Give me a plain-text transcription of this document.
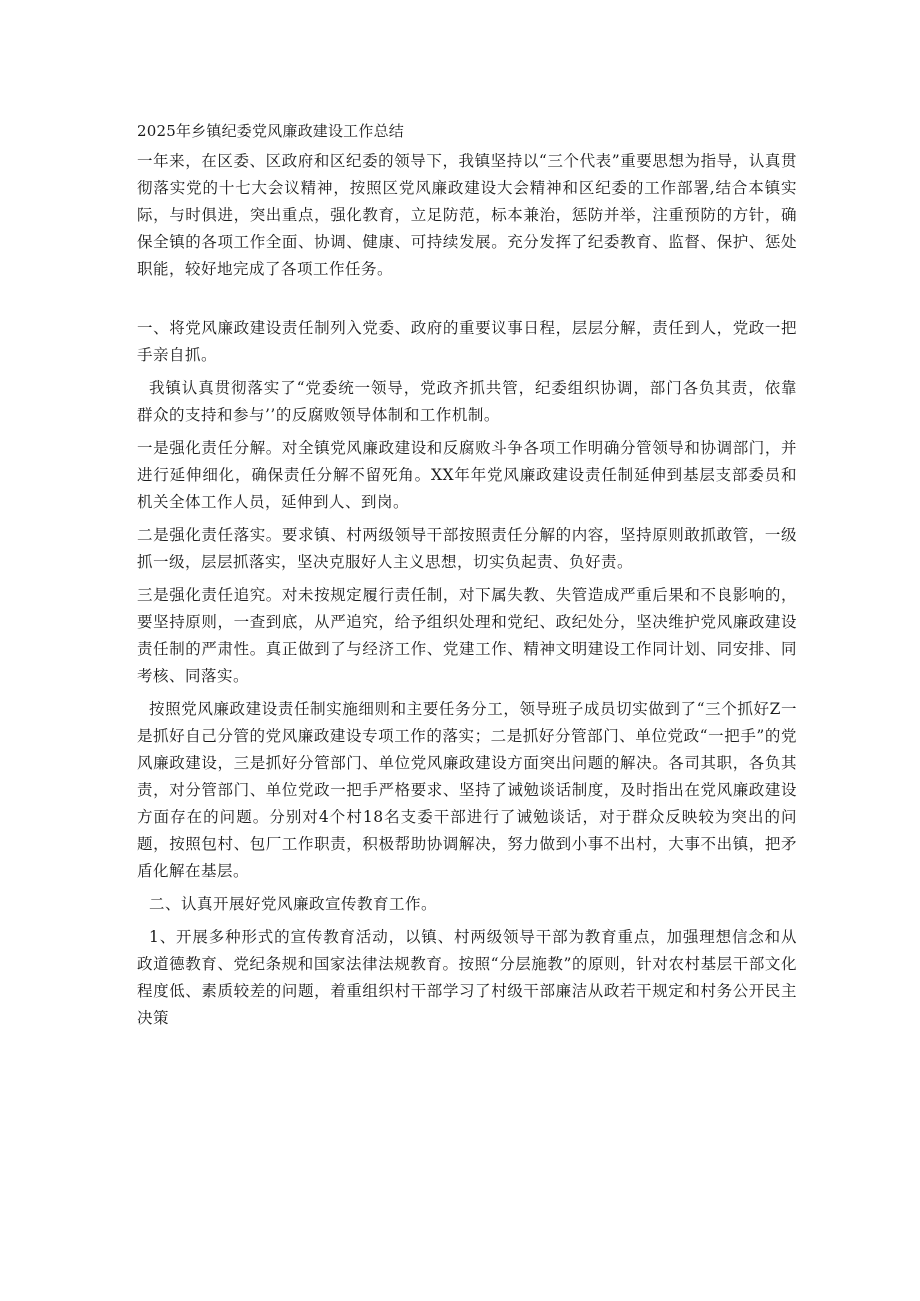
2025年乡镇纪委党风廉政建设工作总结

一年来，在区委、区政府和区纪委的领导下，我镇坚持以“三个代表”重要思想为指导，认真贯彻落实党的十七大会议精神，按照区党风廉政建设大会精神和区纪委的工作部署,结合本镇实际，与时俱进，突出重点，强化教育，立足防范，标本兼治，惩防并举，注重预防的方针，确保全镇的各项工作全面、协调、健康、可持续发展。充分发挥了纪委教育、监督、保护、惩处职能，较好地完成了各项工作任务。

一、将党风廉政建设责任制列入党委、政府的重要议事日程，层层分解，责任到人，党政一把手亲自抓。

我镇认真贯彻落实了“党委统一领导，党政齐抓共管，纪委组织协调，部门各负其责，依靠群众的支持和参与’’的反腐败领导体制和工作机制。

一是强化责任分解。对全镇党风廉政建设和反腐败斗争各项工作明确分管领导和协调部门，并进行延伸细化，确保责任分解不留死角。XX年年党风廉政建设责任制延伸到基层支部委员和机关全体工作人员，延伸到人、到岗。

二是强化责任落实。要求镇、村两级领导干部按照责任分解的内容，坚持原则敢抓敢管，一级抓一级，层层抓落实，坚决克服好人主义思想，切实负起责、负好责。

三是强化责任追究。对未按规定履行责任制，对下属失教、失管造成严重后果和不良影响的，要坚持原则，一查到底，从严追究，给予组织处理和党纪、政纪处分，坚决维护党风廉政建设责任制的严肃性。真正做到了与经济工作、党建工作、精神文明建设工作同计划、同安排、同考核、同落实。

按照党风廉政建设责任制实施细则和主要任务分工，领导班子成员切实做到了“三个抓好Z一是抓好自己分管的党风廉政建设专项工作的落实；二是抓好分管部门、单位党政“一把手”的党风廉政建设，三是抓好分管部门、单位党风廉政建设方面突出问题的解决。各司其职，各负其责，对分管部门、单位党政一把手严格要求、坚持了诫勉谈话制度，及时指出在党风廉政建设方面存在的问题。分别对4个村18名支委干部进行了诫勉谈话，对于群众反映较为突出的问题，按照包村、包厂工作职责，积极帮助协调解决，努力做到小事不出村，大事不出镇，把矛盾化解在基层。

二、认真开展好党风廉政宣传教育工作。

1、开展多种形式的宣传教育活动，以镇、村两级领导干部为教育重点，加强理想信念和从政道德教育、党纪条规和国家法律法规教育。按照“分层施教”的原则，针对农村基层干部文化程度低、素质较差的问题，着重组织村干部学习了村级干部廉洁从政若干规定和村务公开民主决策
